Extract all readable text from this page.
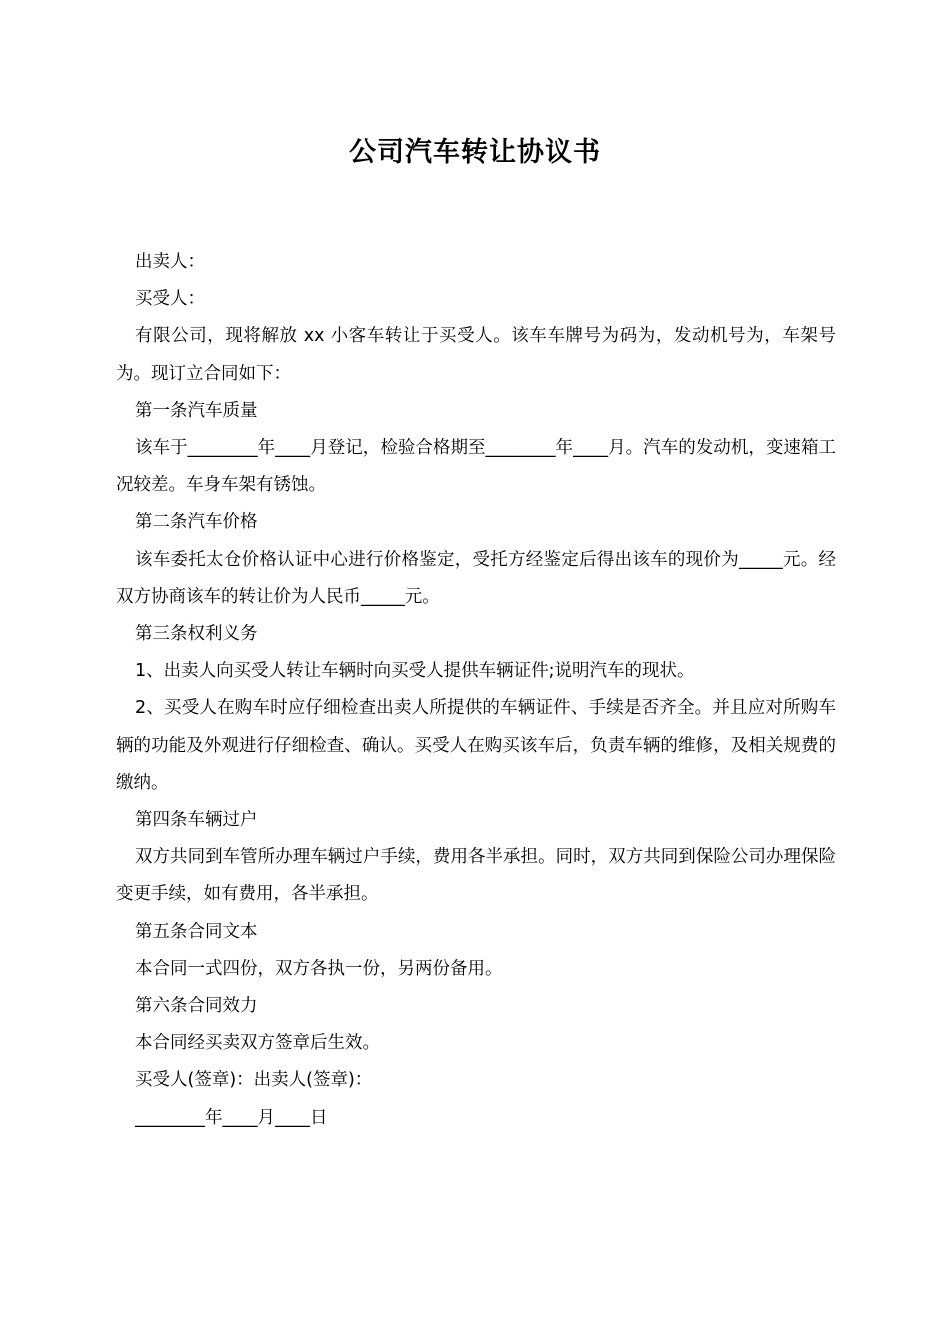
公司汽车转让协议书

出卖人：

买受人：

有限公司，现将解放 xx 小客车转让于买受人。该车车牌号为码为，发动机号为，车架号为。现订立合同如下：

第一条汽车质量

该车于________年____月登记，检验合格期至________年____月。汽车的发动机，变速箱工况较差。车身车架有锈蚀。

第二条汽车价格

该车委托太仓价格认证中心进行价格鉴定，受托方经鉴定后得出该车的现价为_____元。经双方协商该车的转让价为人民币_____元。

第三条权利义务

1、出卖人向买受人转让车辆时向买受人提供车辆证件;说明汽车的现状。

2、买受人在购车时应仔细检查出卖人所提供的车辆证件、手续是否齐全。并且应对所购车辆的功能及外观进行仔细检查、确认。买受人在购买该车后，负责车辆的维修，及相关规费的缴纳。

第四条车辆过户

双方共同到车管所办理车辆过户手续，费用各半承担。同时，双方共同到保险公司办理保险变更手续，如有费用，各半承担。

第五条合同文本

本合同一式四份，双方各执一份，另两份备用。

第六条合同效力

本合同经买卖双方签章后生效。

买受人(签章)：出卖人(签章)：

________年____月____日
